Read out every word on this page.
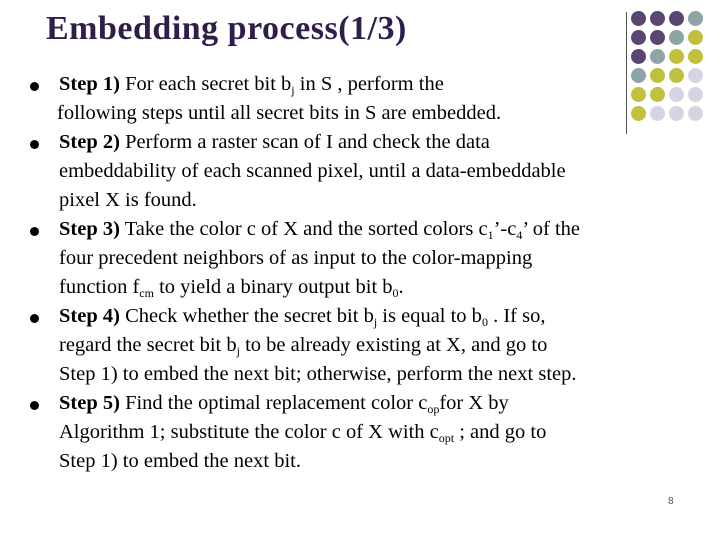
Embedding process(1/3)
Step 1) For each secret bit $b_j$ in S , perform the
following steps until all secret bits in S are embedded.
Step 2) Perform a raster scan of I and check the data
embeddability of each scanned pixel, until a data-embeddable
pixel X is found.
Step 3) Take the color c of X and the sorted colors $c_1’-c_4$’ of the
four precedent neighbors of as input to the color-mapping
function $f_{cm}$ to yield a binary output bit $b_0$.
Step 4) Check whether the secret bit $b_j$ is equal to $b_0$ . If so,
regard the secret bit $b_j$ to be already existing at X, and go to
Step 1) to embed the next bit; otherwise, perform the next step.
Step 5) Find the optimal replacement color $c_{op}for$ X by
Algorithm 1; substitute the color c of X with $c_{opt}$ ; and go to
Step 1) to embed the next bit.
8
